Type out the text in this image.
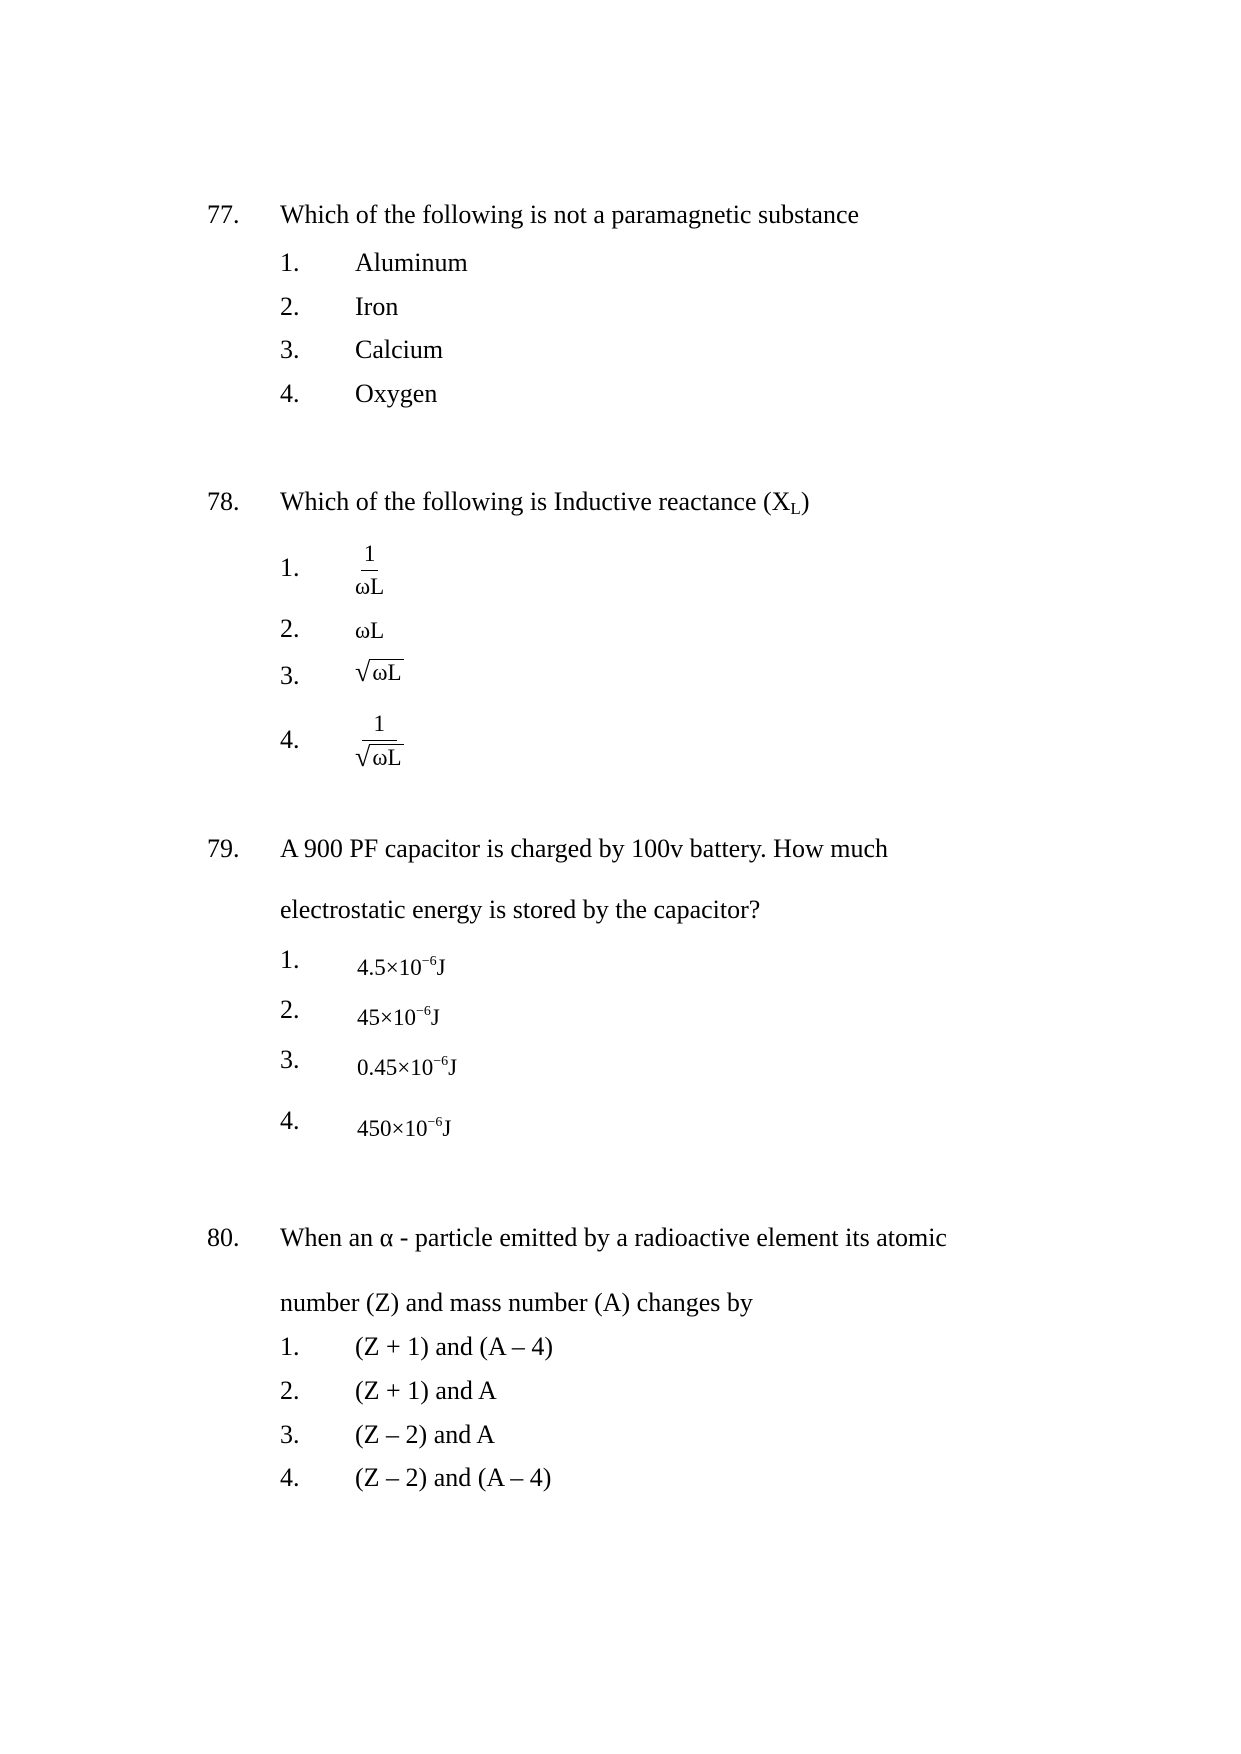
77. Which of the following is not a paramagnetic substance
1. Aluminum
2. Iron
3. Calcium
4. Oxygen
78. Which of the following is Inductive reactance $(X_L)$
1. $\frac{1}{\omega L}$
2. ωL
3. √ ωL
4. $\frac{1}{√ \omega L}$
79. A 900 PF capacitor is charged by 100v battery. How much
electrostatic energy is stored by the capacitor?
1.	$4.5\times 10^{-6}J$
2.	$45\times 10^{-6}J$
3.	$0.45\times 10^{-6}J$
4.	$450\times 10^{-6}J$
80. When an α - particle emitted by a radioactive element its atomic
number (Z) and mass number (A) changes by
1. (Z + 1) and (A – 4)
2. (Z + 1) and A
3. (Z – 2) and A
4. (Z – 2) and (A – 4)
